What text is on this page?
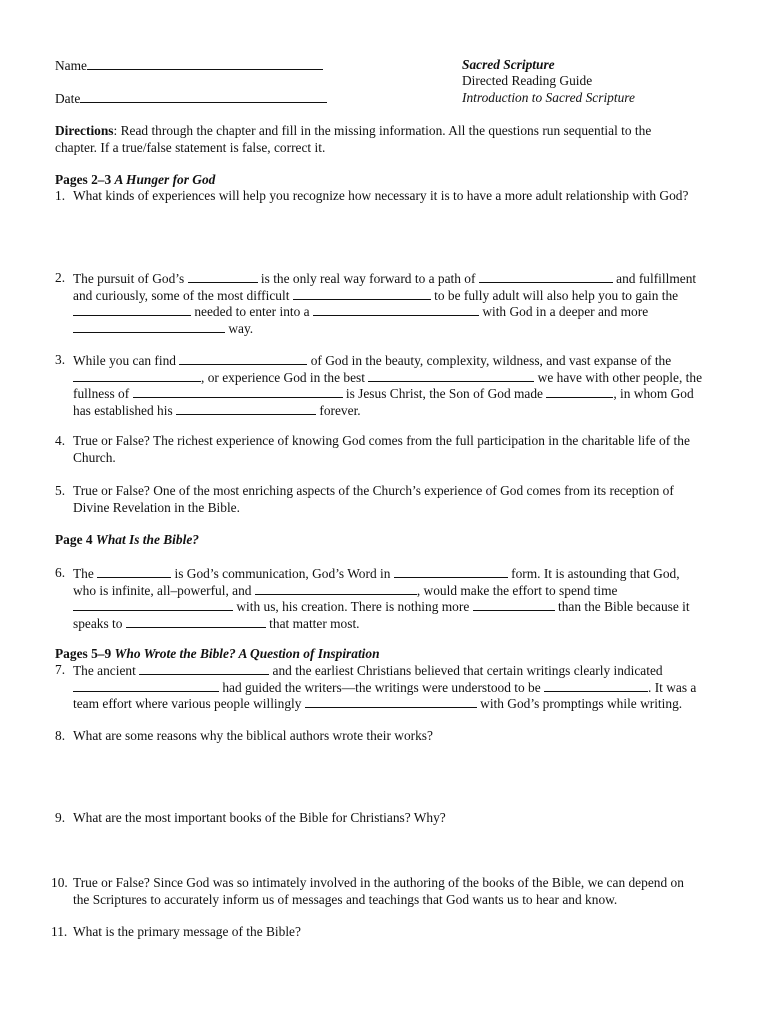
Name
Date
Sacred Scripture
Directed Reading Guide
Introduction to Sacred Scripture
Directions: Read through the chapter and fill in the missing information. All the questions run sequential to the
chapter. If a true/false statement is false, correct it.
Pages 2–3 A Hunger for God
1. What kinds of experiences will help you recognize how necessary it is to have a more adult relationship with God?
2. The pursuit of God’s	is the only real way forward to a path of	and fulfillment
and curiously, some of the most difficult	to be fully adult will also help you to gain the
needed to enter into a	with God in a deeper and more
way.
3. While you can find	of God in the beauty, complexity, wildness, and vast expanse of the
, or experience God in the best	we have with other people, the
fullness of	is Jesus Christ, the Son of God made	, in whom God
has established his	forever.
4. True or False? The richest experience of knowing God comes from the full participation in the charitable life of the
Church.
5. True or False? One of the most enriching aspects of the Church’s experience of God comes from its reception of
Divine Revelation in the Bible.
Page 4 What Is the Bible?
6. The	is God’s communication, God’s Word in	form. It is astounding that God,
who is infinite, all–powerful, and	, would make the effort to spend time
with us, his creation. There is nothing more	than the Bible because it
speaks to	that matter most.
Pages 5–9 Who Wrote the Bible? A Question of Inspiration
7. The ancient	and the earliest Christians believed that certain writings clearly indicated
had guided the writers—the writings were understood to be	. It was a
team effort where various people willingly	with God’s promptings while writing.
8. What are some reasons why the biblical authors wrote their works?
9. What are the most important books of the Bible for Christians? Why?
10. True or False? Since God was so intimately involved in the authoring of the books of the Bible, we can depend on
the Scriptures to accurately inform us of messages and teachings that God wants us to hear and know.
11. What is the primary message of the Bible?
